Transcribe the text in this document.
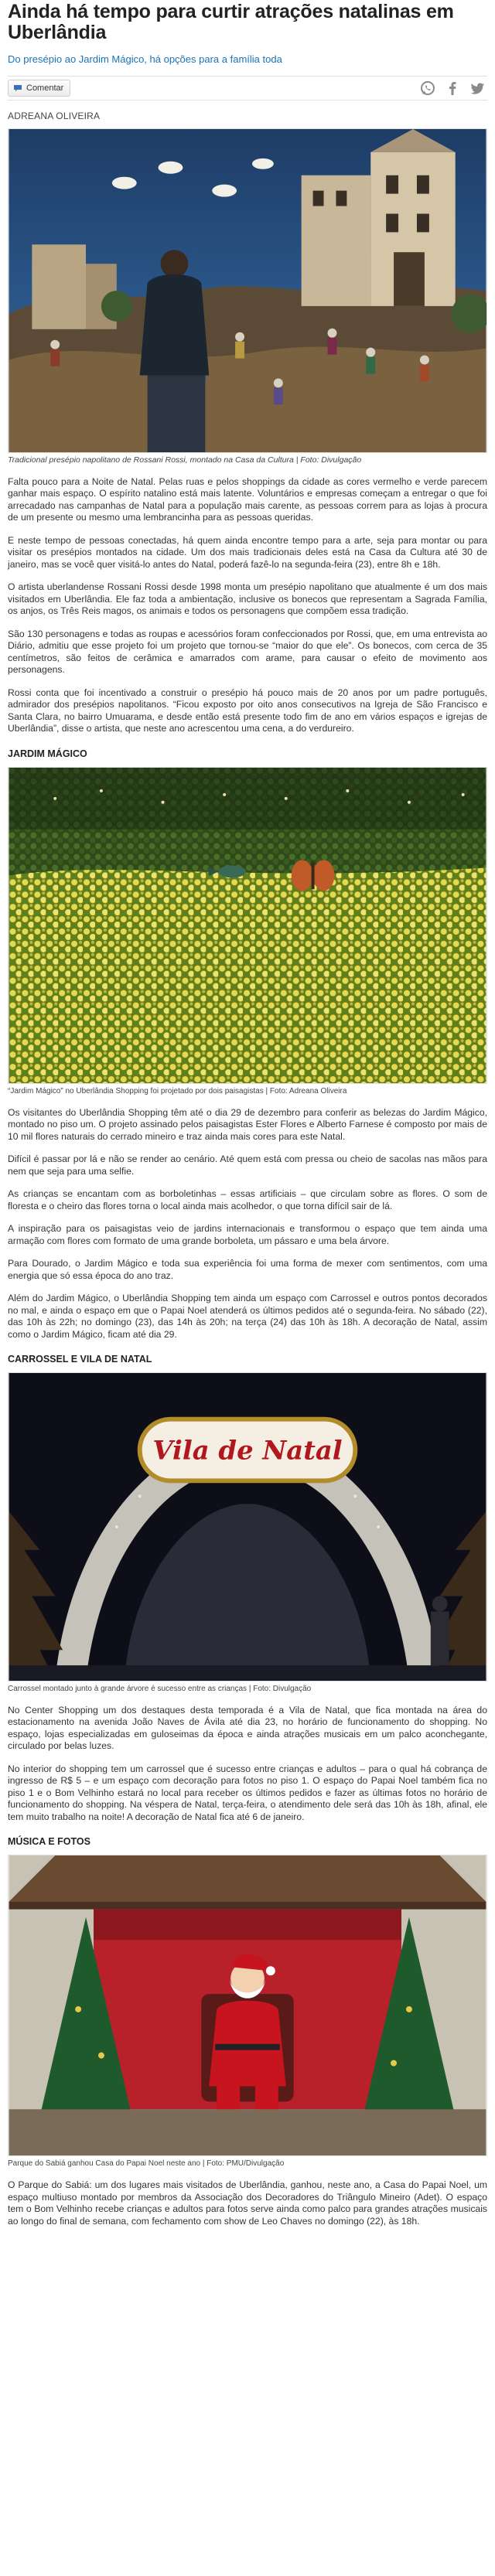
Ainda há tempo para curtir atrações natalinas em Uberlândia
Do presépio ao Jardim Mágico, há opções para a família toda
Comentar
ADREANA OLIVEIRA
Tradicional presépio napolitano de Rossani Rossi, montado na Casa da Cultura | Foto: Divulgação

Falta pouco para a Noite de Natal. Pelas ruas e pelos shoppings da cidade as cores vermelho e verde parecem ganhar mais espaço. O espírito natalino está mais latente. Voluntários e empresas começam a entregar o que foi arrecadado nas campanhas de Natal para a população mais carente, as pessoas correm para as lojas à procura de um presente ou mesmo uma lembrancinha para as pessoas queridas.

E neste tempo de pessoas conectadas, há quem ainda encontre tempo para a arte, seja para montar ou para visitar os presépios montados na cidade. Um dos mais tradicionais deles está na Casa da Cultura até 30 de janeiro, mas se você quer visitá-lo antes do Natal, poderá fazê-lo na segunda-feira (23), entre 8h e 18h.

O artista uberlandense Rossani Rossi desde 1998 monta um presépio napolitano que atualmente é um dos mais visitados em Uberlândia. Ele faz toda a ambientação, inclusive os bonecos que representam a Sagrada Família, os anjos, os Três Reis magos, os animais e todos os personagens que compõem essa tradição.

São 130 personagens e todas as roupas e acessórios foram confeccionados por Rossi, que, em uma entrevista ao Diário, admitiu que esse projeto foi um projeto que tornou-se “maior do que ele”. Os bonecos, com cerca de 35 centímetros, são feitos de cerâmica e amarrados com arame, para causar o efeito de movimento aos personagens.

Rossi conta que foi incentivado a construir o presépio há pouco mais de 20 anos por um padre português, admirador dos presépios napolitanos. “Ficou exposto por oito anos consecutivos na Igreja de São Francisco e Santa Clara, no bairro Umuarama, e desde então está presente todo fim de ano em vários espaços e igrejas de Uberlândia”, disse o artista, que neste ano acrescentou uma cena, a do verdureiro.

JARDIM MÁGICO
“Jardim Mágico” no Uberlândia Shopping foi projetado por dois paisagistas | Foto: Adreana Oliveira

Os visitantes do Uberlândia Shopping têm até o dia 29 de dezembro para conferir as belezas do Jardim Mágico, montado no piso um. O projeto assinado pelos paisagistas Ester Flores e Alberto Farnese é composto por mais de 10 mil flores naturais do cerrado mineiro e traz ainda mais cores para este Natal.

Difícil é passar por lá e não se render ao cenário. Até quem está com pressa ou cheio de sacolas nas mãos para nem que seja para uma selfie.

As crianças se encantam com as borboletinhas – essas artificiais – que circulam sobre as flores. O som de floresta e o cheiro das flores torna o local ainda mais acolhedor, o que torna difícil sair de lá.

A inspiração para os paisagistas veio de jardins internacionais e transformou o espaço que tem ainda uma armação com flores com formato de uma grande borboleta, um pássaro e uma bela árvore.

Para Dourado, o Jardim Mágico e toda sua experiência foi uma forma de mexer com sentimentos, com uma energia que só essa época do ano traz.

Além do Jardim Mágico, o Uberlândia Shopping tem ainda um espaço com Carrossel e outros pontos decorados no mal, e ainda o espaço em que o Papai Noel atenderá os últimos pedidos até o segunda-feira. No sábado (22), das 10h às 22h; no domingo (23), das 14h às 20h; na terça (24) das 10h às 18h. A decoração de Natal, assim como o Jardim Mágico, ficam até dia 29.

CARROSSEL E VILA DE NATAL
Vila de Natal
Carrossel montado junto à grande árvore é sucesso entre as crianças | Foto: Divulgação

No Center Shopping um dos destaques desta temporada é a Vila de Natal, que fica montada na área do estacionamento na avenida João Naves de Ávila até dia 23, no horário de funcionamento do shopping. No espaço, lojas especializadas em guloseimas da época e ainda atrações musicais em um palco aconchegante, circulado por belas luzes.

No interior do shopping tem um carrossel que é sucesso entre crianças e adultos – para o qual há cobrança de ingresso de R$ 5 – e um espaço com decoração para fotos no piso 1. O espaço do Papai Noel também fica no piso 1 e o Bom Velhinho estará no local para receber os últimos pedidos e fazer as últimas fotos no horário de funcionamento do shopping. Na véspera de Natal, terça-feira, o atendimento dele será das 10h às 18h, afinal, ele tem muito trabalho na noite! A decoração de Natal fica até 6 de janeiro.

MÚSICA E FOTOS
Parque do Sabiá ganhou Casa do Papai Noel neste ano | Foto: PMU/Divulgação

O Parque do Sabiá: um dos lugares mais visitados de Uberlândia, ganhou, neste ano, a Casa do Papai Noel, um espaço multiuso montado por membros da Associação dos Decoradores do Triângulo Mineiro (Adet). O espaço tem o Bom Velhinho recebe crianças e adultos para fotos serve ainda como palco para grandes atrações musicais ao longo do final de semana, com fechamento com show de Leo Chaves no domingo (22), às 18h.
